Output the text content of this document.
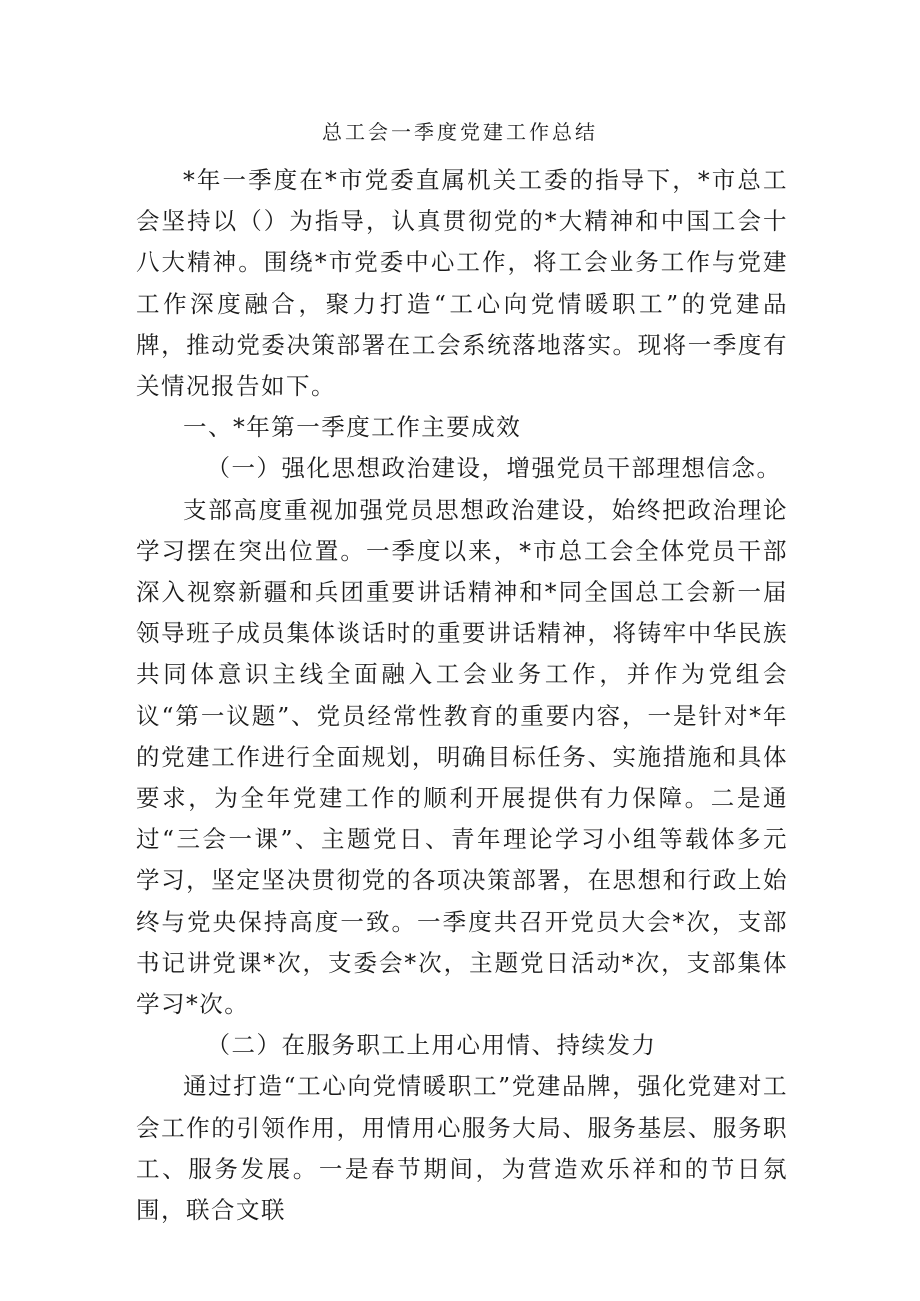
总工会一季度党建工作总结

*年一季度在*市党委直属机关工委的指导下，*市总工会坚持以（）为指导，认真贯彻党的*大精神和中国工会十八大精神。围绕*市党委中心工作，将工会业务工作与党建工作深度融合，聚力打造“工心向党情暖职工”的党建品牌，推动党委决策部署在工会系统落地落实。现将一季度有关情况报告如下。

一、*年第一季度工作主要成效

（一）强化思想政治建设，增强党员干部理想信念。

支部高度重视加强党员思想政治建设，始终把政治理论学习摆在突出位置。一季度以来，*市总工会全体党员干部深入视察新疆和兵团重要讲话精神和*同全国总工会新一届领导班子成员集体谈话时的重要讲话精神，将铸牢中华民族共同体意识主线全面融入工会业务工作，并作为党组会议“第一议题”、党员经常性教育的重要内容，一是针对*年的党建工作进行全面规划，明确目标任务、实施措施和具体要求，为全年党建工作的顺利开展提供有力保障。二是通过“三会一课”、主题党日、青年理论学习小组等载体多元学习，坚定坚决贯彻党的各项决策部署，在思想和行政上始终与党央保持高度一致。一季度共召开党员大会*次，支部书记讲党课*次，支委会*次，主题党日活动*次，支部集体学习*次。

（二）在服务职工上用心用情、持续发力

通过打造“工心向党情暖职工”党建品牌，强化党建对工会工作的引领作用，用情用心服务大局、服务基层、服务职工、服务发展。一是春节期间，为营造欢乐祥和的节日氛围，联合文联
